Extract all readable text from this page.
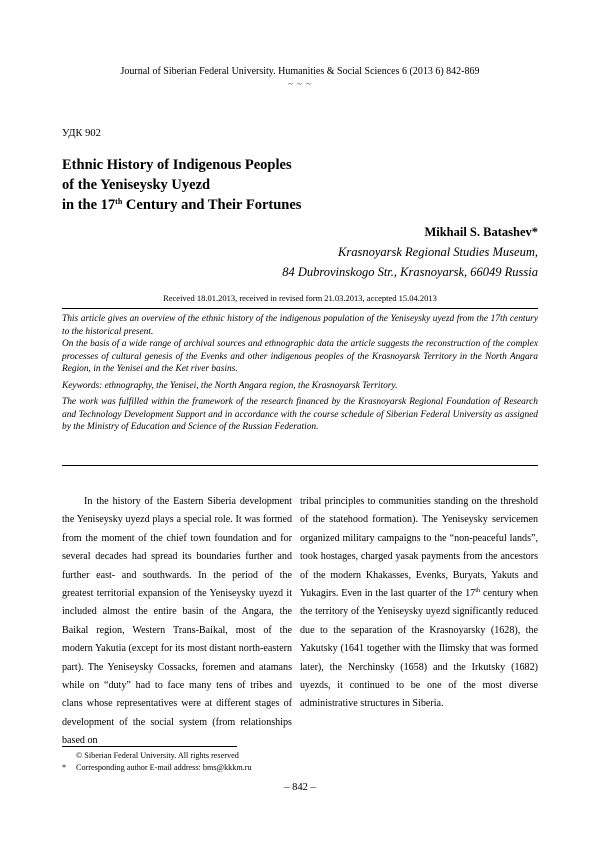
Journal of Siberian Federal University. Humanities & Social Sciences 6 (2013 6) 842-869
~ ~ ~
УДК 902
Ethnic History of Indigenous Peoples
of the Yeniseysky Uyezd
in the 17th Century and Their Fortunes
Mikhail S. Batashev*
Krasnoyarsk Regional Studies Museum,
84 Dubrovinskogo Str., Krasnoyarsk, 66049 Russia
Received 18.01.2013, received in revised form 21.03.2013, accepted 15.04.2013

This article gives an overview of the ethnic history of the indigenous population of the Yeniseysky uyezd from the 17th century to the historical present.

On the basis of a wide range of archival sources and ethnographic data the article suggests the reconstruction of the complex processes of cultural genesis of the Evenks and other indigenous peoples of the Krasnoyarsk Territory in the North Angara Region, in the Yenisei and the Ket river basins.

Keywords: ethnography, the Yenisei, the North Angara region, the Krasnoyarsk Territory.

The work was fulfilled within the framework of the research financed by the Krasnoyarsk Regional Foundation of Research and Technology Development Support and in accordance with the course schedule of Siberian Federal University as assigned by the Ministry of Education and Science of the Russian Federation.

In the history of the Eastern Siberia development the Yeniseysky uyezd plays a special role. It was formed from the moment of the chief town foundation and for several decades had spread its boundaries further and further east- and southwards. In the period of the greatest territorial expansion of the Yeniseysky uyezd it included almost the entire basin of the Angara, the Baikal region, Western Trans-Baikal, most of the modern Yakutia (except for its most distant north-eastern part). The Yeniseysky Cossacks, foremen and atamans while on “duty” had to face many tens of tribes and clans whose representatives were at different stages of development of the social system (from relationships based on

tribal principles to communities standing on the threshold of the statehood formation). The Yeniseysky servicemen organized military campaigns to the “non-peaceful lands”, took hostages, charged yasak payments from the ancestors of the modern Khakasses, Evenks, Buryats, Yakuts and Yukagirs. Even in the last quarter of the 17th century when the territory of the Yeniseysky uyezd significantly reduced due to the separation of the Krasnoyarsky (1628), the Yakutsky (1641 together with the Ilimsky that was formed later), the Nerchinsky (1658) and the Irkutsky (1682) uyezds, it continued to be one of the most diverse administrative structures in Siberia.

© Siberian Federal University. All rights reserved
* Corresponding author E-mail address: bms@kkkm.ru
– 842 –
